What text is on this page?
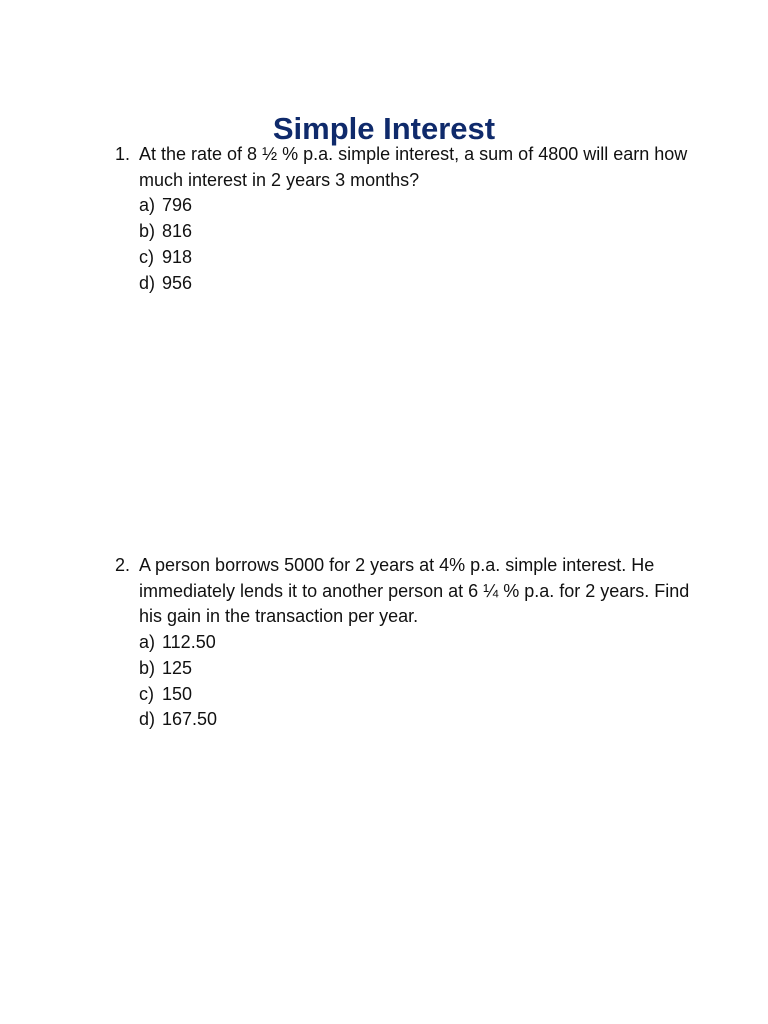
Simple Interest
1. At the rate of 8 ½ % p.a. simple interest, a sum of 4800 will earn how much interest in 2 years 3 months?
a) 796
b) 816
c) 918
d) 956
2. A person borrows 5000 for 2 years at 4% p.a. simple interest. He immediately lends it to another person at 6 ¼ % p.a. for 2 years. Find his gain in the transaction per year.
a) 112.50
b) 125
c) 150
d) 167.50
